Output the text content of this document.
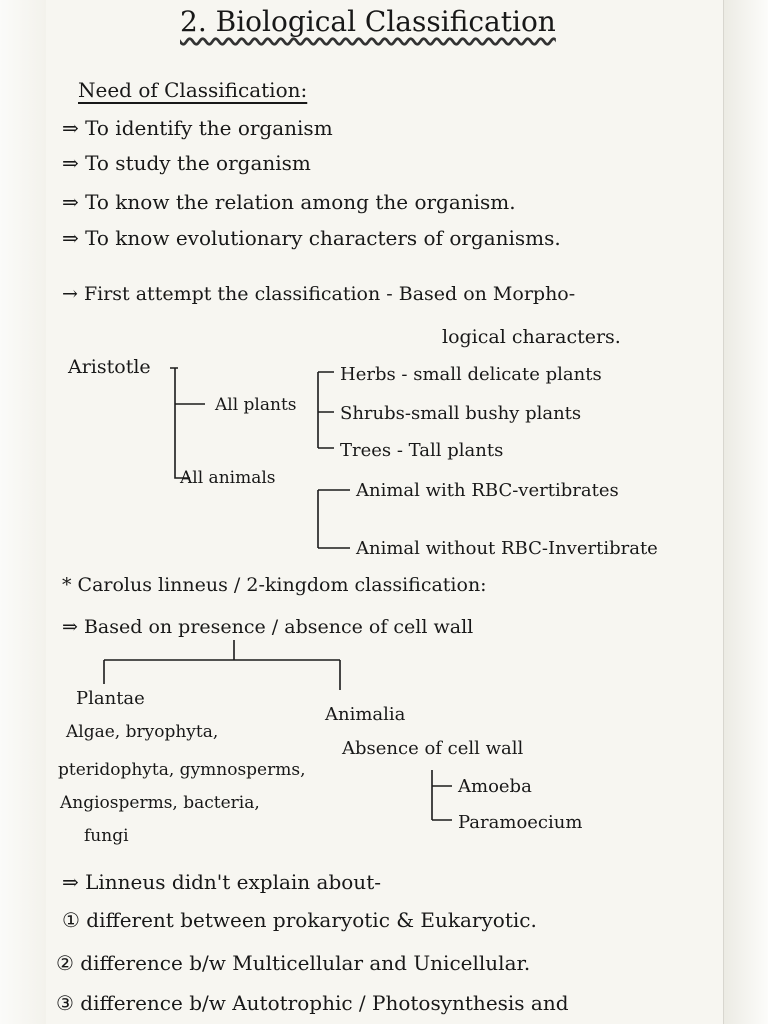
2. Biological Classification
Need of Classification:
⇒ To identify the organism
⇒ To study the organism
⇒ To know the relation among the organism.
⇒ To know evolutionary characters of organisms.
→ First attempt the classification - Based on Morpho-
logical characters.
Aristotle
All plants
Herbs - small delicate plants
Shrubs-small bushy plants
Trees - Tall plants
All animals
Animal with RBC-vertibrates
Animal without RBC-Invertibrate
* Carolus linneus / 2-kingdom classification:
⇒ Based on presence / absence of cell wall
Plantae
Algae, bryophyta,
pteridophyta, gymnosperms,
Angiosperms, bacteria,
fungi
Animalia
Absence of cell wall
Amoeba
Paramoecium
⇒ Linneus didn't explain about-
① different between prokaryotic & Eukaryotic.
② difference b/w Multicellular and Unicellular.
③ difference b/w Autotrophic / Photosynthesis and
